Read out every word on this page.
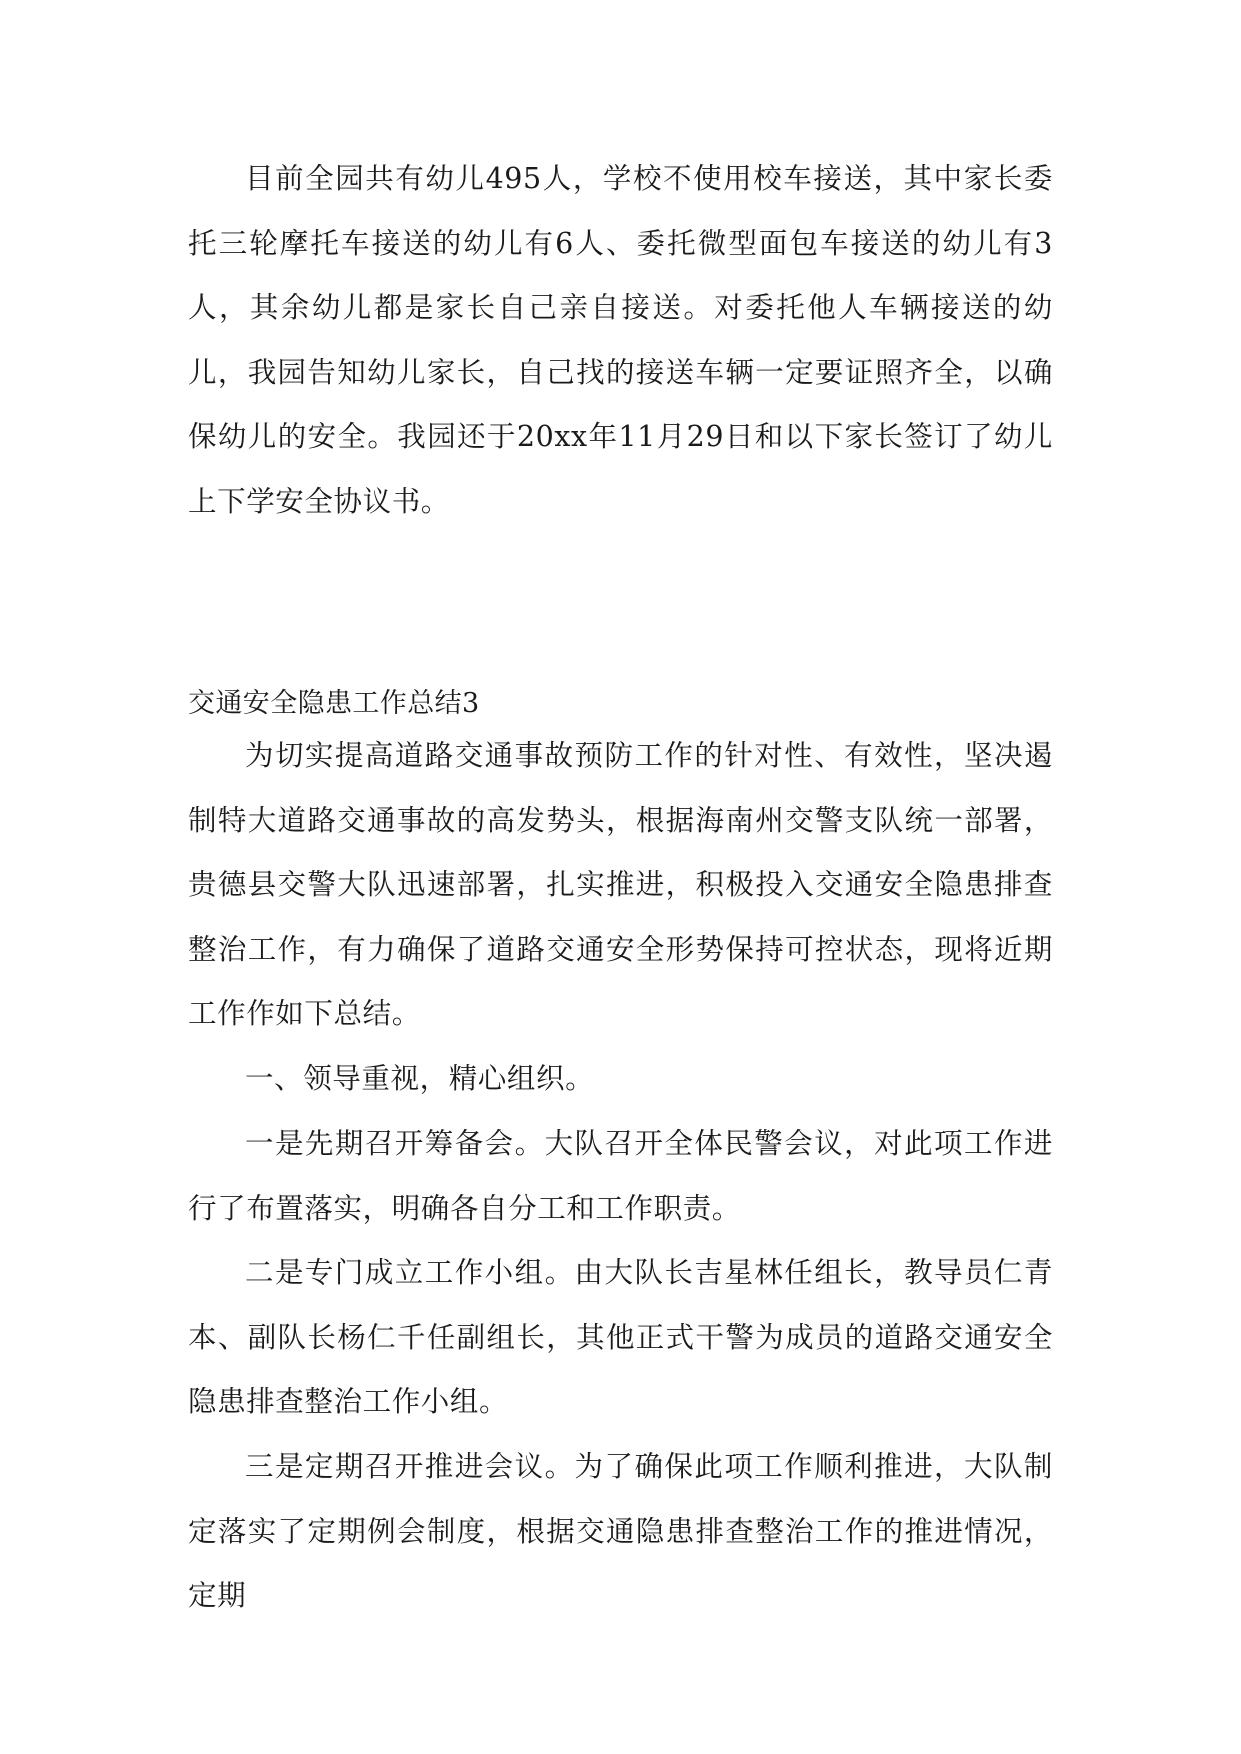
目前全园共有幼儿495人，学校不使用校车接送，其中家长委托三轮摩托车接送的幼儿有6人、委托微型面包车接送的幼儿有3人，其余幼儿都是家长自己亲自接送。对委托他人车辆接送的幼儿，我园告知幼儿家长，自己找的接送车辆一定要证照齐全，以确保幼儿的安全。我园还于20xx年11月29日和以下家长签订了幼儿上下学安全协议书。

交通安全隐患工作总结3

为切实提高道路交通事故预防工作的针对性、有效性，坚决遏制特大道路交通事故的高发势头，根据海南州交警支队统一部署，贵德县交警大队迅速部署，扎实推进，积极投入交通安全隐患排查整治工作，有力确保了道路交通安全形势保持可控状态，现将近期工作作如下总结。

一、领导重视，精心组织。

一是先期召开筹备会。大队召开全体民警会议，对此项工作进行了布置落实，明确各自分工和工作职责。

二是专门成立工作小组。由大队长吉星林任组长，教导员仁青本、副队长杨仁千任副组长，其他正式干警为成员的道路交通安全隐患排查整治工作小组。

三是定期召开推进会议。为了确保此项工作顺利推进，大队制定落实了定期例会制度，根据交通隐患排查整治工作的推进情况，定期
